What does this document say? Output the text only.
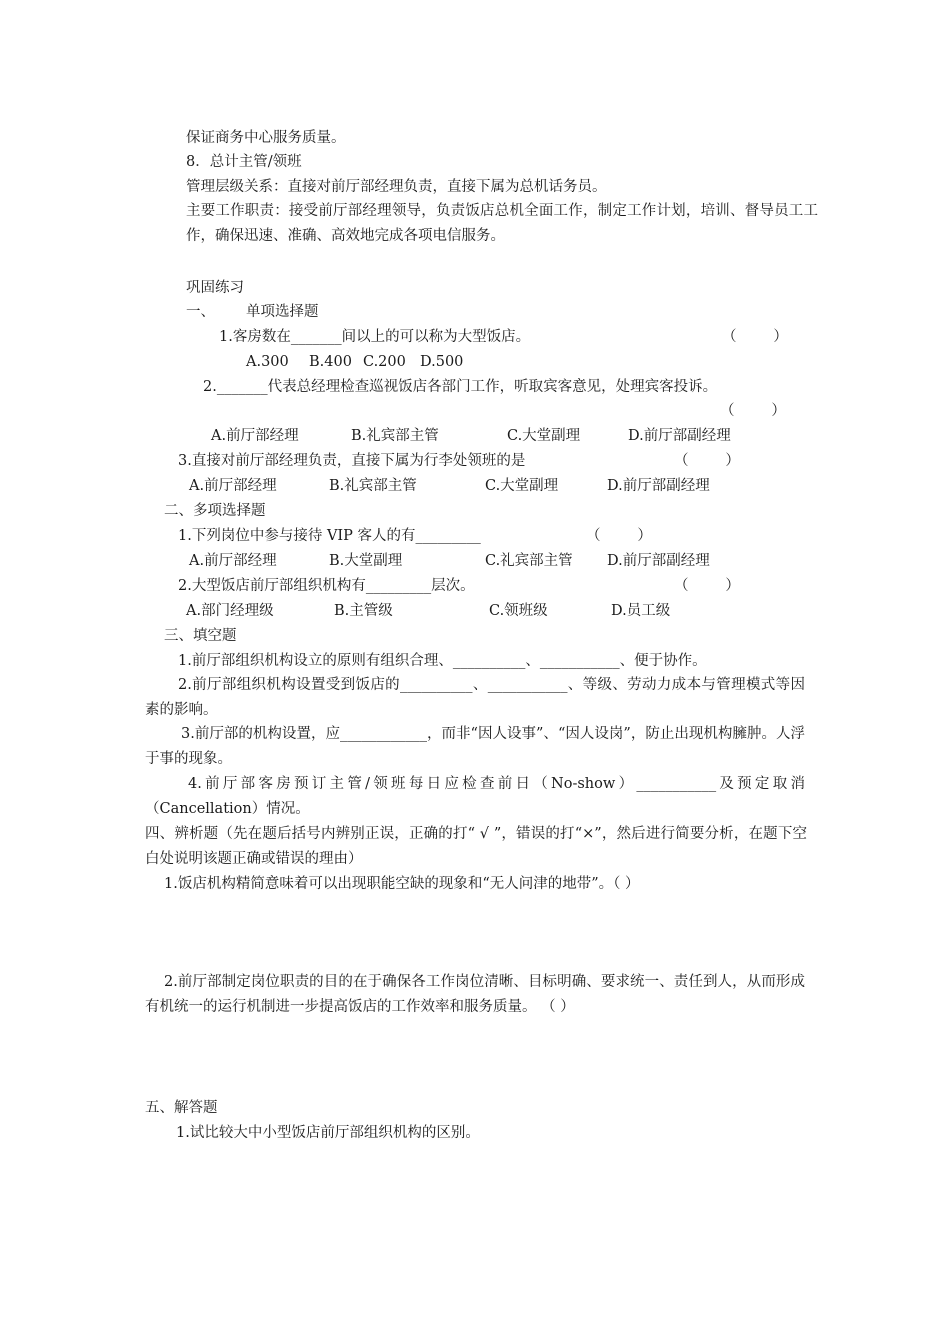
保证商务中心服务质量。
8．总计主管/领班
管理层级关系：直接对前厅部经理负责，直接下属为总机话务员。
主要工作职责：接受前厅部经理领导，负责饭店总机全面工作，制定工作计划，培训、督导员工工作，确保迅速、准确、高效地完成各项电信服务。
巩固练习
一、 单项选择题
1.客房数在_______间以上的可以称为大型饭店。	（        ）
A.300 B.400 C.200 D.500
2._______代表总经理检查巡视饭店各部门工作，听取宾客意见，处理宾客投诉。
（        ）
A.前厅部经理	B.礼宾部主管	C.大堂副理	D.前厅部副经理
3.直接对前厅部经理负责，直接下属为行李处领班的是	（        ）
A.前厅部经理	B.礼宾部主管	C.大堂副理	D.前厅部副经理
二、多项选择题
1.下列岗位中参与接待 VIP 客人的有_________	（        ）
A.前厅部经理	B.大堂副理	C.礼宾部主管 D.前厅部副经理
2.大型饭店前厅部组织机构有_________层次。	（        ）
A.部门经理级	B.主管级	C.领班级	D.员工级
三、填空题
1.前厅部组织机构设立的原则有组织合理、__________、___________、便于协作。
2.前厅部组织机构设置受到饭店的__________、___________、等级、劳动力成本与管理模式等因素的影响。
3.前厅部的机构设置，应____________，而非“因人设事”、“因人设岗”，防止出现机构臃肿。人浮于事的现象。
4.前厅部客房预订主管/领班每日应检查前日（No-show）___________及预定取消（Cancellation）情况。
四、辨析题（先在题后括号内辨别正误，正确的打“ √ ”，错误的打“×”，然后进行简要分析，在题下空白处说明该题正确或错误的理由）
1.饭店机构精简意味着可以出现职能空缺的现象和“无人问津的地带”。（ ）
2.前厅部制定岗位职责的目的在于确保各工作岗位清晰、目标明确、要求统一、责任到人，从而形成有机统一的运行机制进一步提高饭店的工作效率和服务质量。 （ ）
五、解答题
1.试比较大中小型饭店前厅部组织机构的区别。
